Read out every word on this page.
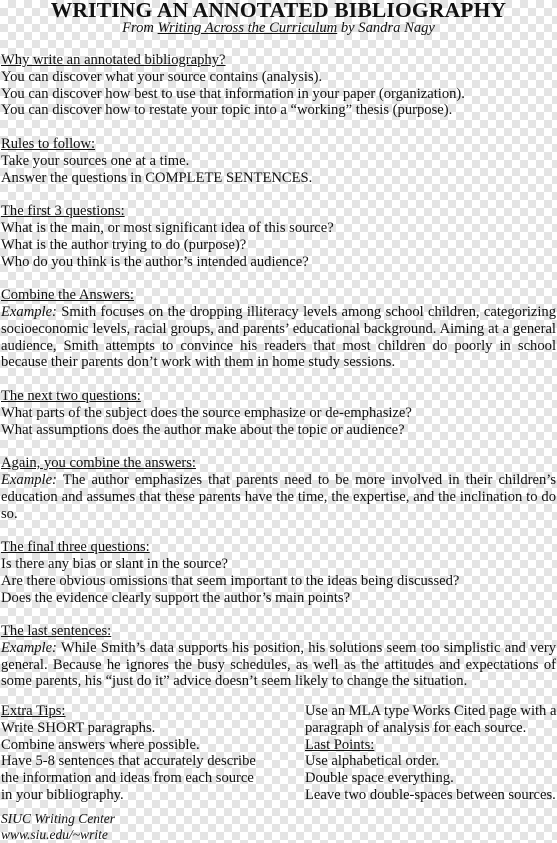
WRITING AN ANNOTATED BIBLIOGRAPHY
From Writing Across the Curriculum by Sandra Nagy
Why write an annotated bibliography?
You can discover what your source contains (analysis).
You can discover how best to use that information in your paper (organization).
You can discover how to restate your topic into a “working” thesis (purpose).
Rules to follow:
Take your sources one at a time.
Answer the questions in COMPLETE SENTENCES.
The first 3 questions:
What is the main, or most significant idea of this source?
What is the author trying to do (purpose)?
Who do you think is the author’s intended audience?
Combine the Answers:
Example: Smith focuses on the dropping illiteracy levels among school children, categorizing socioeconomic levels, racial groups, and parents’ educational background. Aiming at a general audience, Smith attempts to convince his readers that most children do poorly in school because their parents don’t work with them in home study sessions.
The next two questions:
What parts of the subject does the source emphasize or de-emphasize?
What assumptions does the author make about the topic or audience?
Again, you combine the answers:
Example: The author emphasizes that parents need to be more involved in their children’s education and assumes that these parents have the time, the expertise, and the inclination to do so.
The final three questions:
Is there any bias or slant in the source?
Are there obvious omissions that seem important to the ideas being discussed?
Does the evidence clearly support the author’s main points?
The last sentences:
Example: While Smith’s data supports his position, his solutions seem too simplistic and very general. Because he ignores the busy schedules, as well as the attitudes and expectations of some parents, his “just do it” advice doesn’t seem likely to change the situation.
Extra Tips:
Write SHORT paragraphs.
Combine answers where possible.
Have 5-8 sentences that accurately describe
the information and ideas from each source
in your bibliography.
Use an MLA type Works Cited page with a
paragraph of analysis for each source.
Last Points:
Use alphabetical order.
Double space everything.
Leave two double-spaces between sources.
SIUC Writing Center
www.siu.edu/~write
